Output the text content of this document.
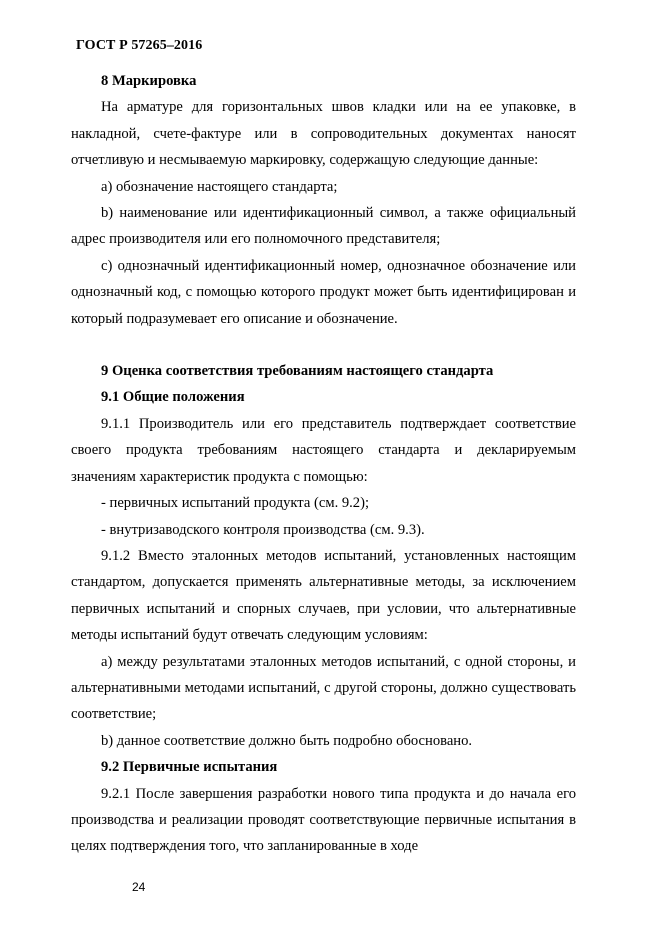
ГОСТ Р 57265–2016

8 Маркировка

На арматуре для горизонтальных швов кладки или на ее упаковке, в накладной, счете-фактуре или в сопроводительных документах наносят отчетливую и несмываемую маркировку, содержащую следующие данные:

а) обозначение настоящего стандарта;

b) наименование или идентификационный символ, а также официальный адрес производителя или его полномочного представителя;

c) однозначный идентификационный номер, однозначное обозначение или однозначный код, с помощью которого продукт может быть идентифицирован и который подразумевает его описание и обозначение.

9 Оценка соответствия требованиям настоящего стандарта

9.1 Общие положения

9.1.1 Производитель или его представитель подтверждает соответствие своего продукта требованиям настоящего стандарта и декларируемым значениям характеристик продукта с помощью:

- первичных испытаний продукта (см. 9.2);

- внутризаводского контроля производства (см. 9.3).

9.1.2 Вместо эталонных методов испытаний, установленных настоящим стандартом, допускается применять альтернативные методы, за исключением первичных испытаний и спорных случаев, при условии, что альтернативные методы испытаний будут отвечать следующим условиям:

а) между результатами эталонных методов испытаний, с одной стороны, и альтернативными методами испытаний, с другой стороны, должно существовать соответствие;

b) данное соответствие должно быть подробно обосновано.

9.2 Первичные испытания

9.2.1 После завершения разработки нового типа продукта и до начала его производства и реализации проводят соответствующие первичные испытания в целях подтверждения того, что запланированные в ходе

24
